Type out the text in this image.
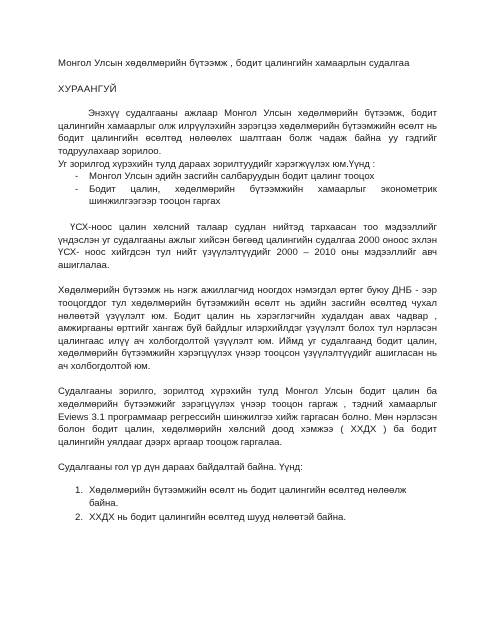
Монгол Улсын хөдөлмөрийн бүтээмж , бодит цалингийн хамаарлын судалгаа
ХУРААНГУЙ

Энэхүү судалгааны ажлаар Монгол Улсын хөдөлмөрийн бүтээмж, бодит цалингийн хамаарлыг олж илрүүлэхийн зэрэгцээ хөдөлмөрийн бүтээмжийн өсөлт нь бодит цалингийн өсөлтөд нөлөөлөх шалтгаан болж чадаж байна уу гэдгийг тодруулахаар зорилоо.

Уг зорилгод хүрэхийн тулд дараах зорилтуудийг хэрэгжүүлэх юм.Үүнд :

- Монгол Улсын эдийн засгийн салбаруудын бодит цалинг тооцох
- Бодит цалин, хөдөлмөрийн бүтээмжийн хамаарлыг эконометрик шинжилгээгээр тооцон гаргах

ҮСХ-ноос цалин хөлсний талаар судлан нийтэд тархаасан тоо мэдээллийг үндэслэн уг судалгааны ажлыг хийсэн бөгөөд цалингийн судалгаа 2000 оноос эхлэн ҮСХ- ноос хийгдсэн тул нийт үзүүлэлтүүдийг 2000 – 2010 оны мэдээллийг авч ашиглалаа.

Хөдөлмөрийн бүтээмж нь нэгж ажиллагчид ноогдох нэмэгдэл өртөг буюу ДНБ - ээр тооцогддог тул хөдөлмөрийн бүтээмжийн өсөлт нь эдийн засгийн өсөлтөд чухал нөлөөтэй үзүүлэлт юм. Бодит цалин нь хэрэглэгчийн худалдан авах чадвар , амжиргааны өртгийг хангаж буй байдлыг илэрхийлдэг үзүүлэлт болох тул нэрлэсэн цалингаас илүү ач холбогдолтой үзүүлэлт юм. Иймд уг судалгаанд бодит цалин, хөдөлмөрийн бүтээмжийн хэрэгцүүлэх үнээр тооцсон үзүүлэлтүүдийг ашигласан нь ач холбогдолтой юм.

Судалгааны зорилго, зорилтод хүрэхийн тулд Монгол Улсын бодит цалин ба хөдөлмөрийн бүтээмжийг зэрэгцүүлэх үнээр тооцон гаргаж , тэдний хамаарлыг Eviews 3.1 программаар регрессийн шинжилгээ хийж гаргасан болно. Мөн нэрлэсэн болон бодит цалин, хөдөлмөрийн хөлсний доод хэмжээ ( ХХДХ ) ба бодит цалингийн уялдааг дээрх аргаар тооцож гаргалаа.

Судалгааны гол үр дүн дараах байдалтай байна. Үүнд:

1. Хөдөлмөрийн бүтээмжийн өсөлт нь бодит цалингийн өсөлтөд нөлөөлж байна.
2. ХХДХ нь бодит цалингийн өсөлтөд шууд нөлөөтэй байна.
